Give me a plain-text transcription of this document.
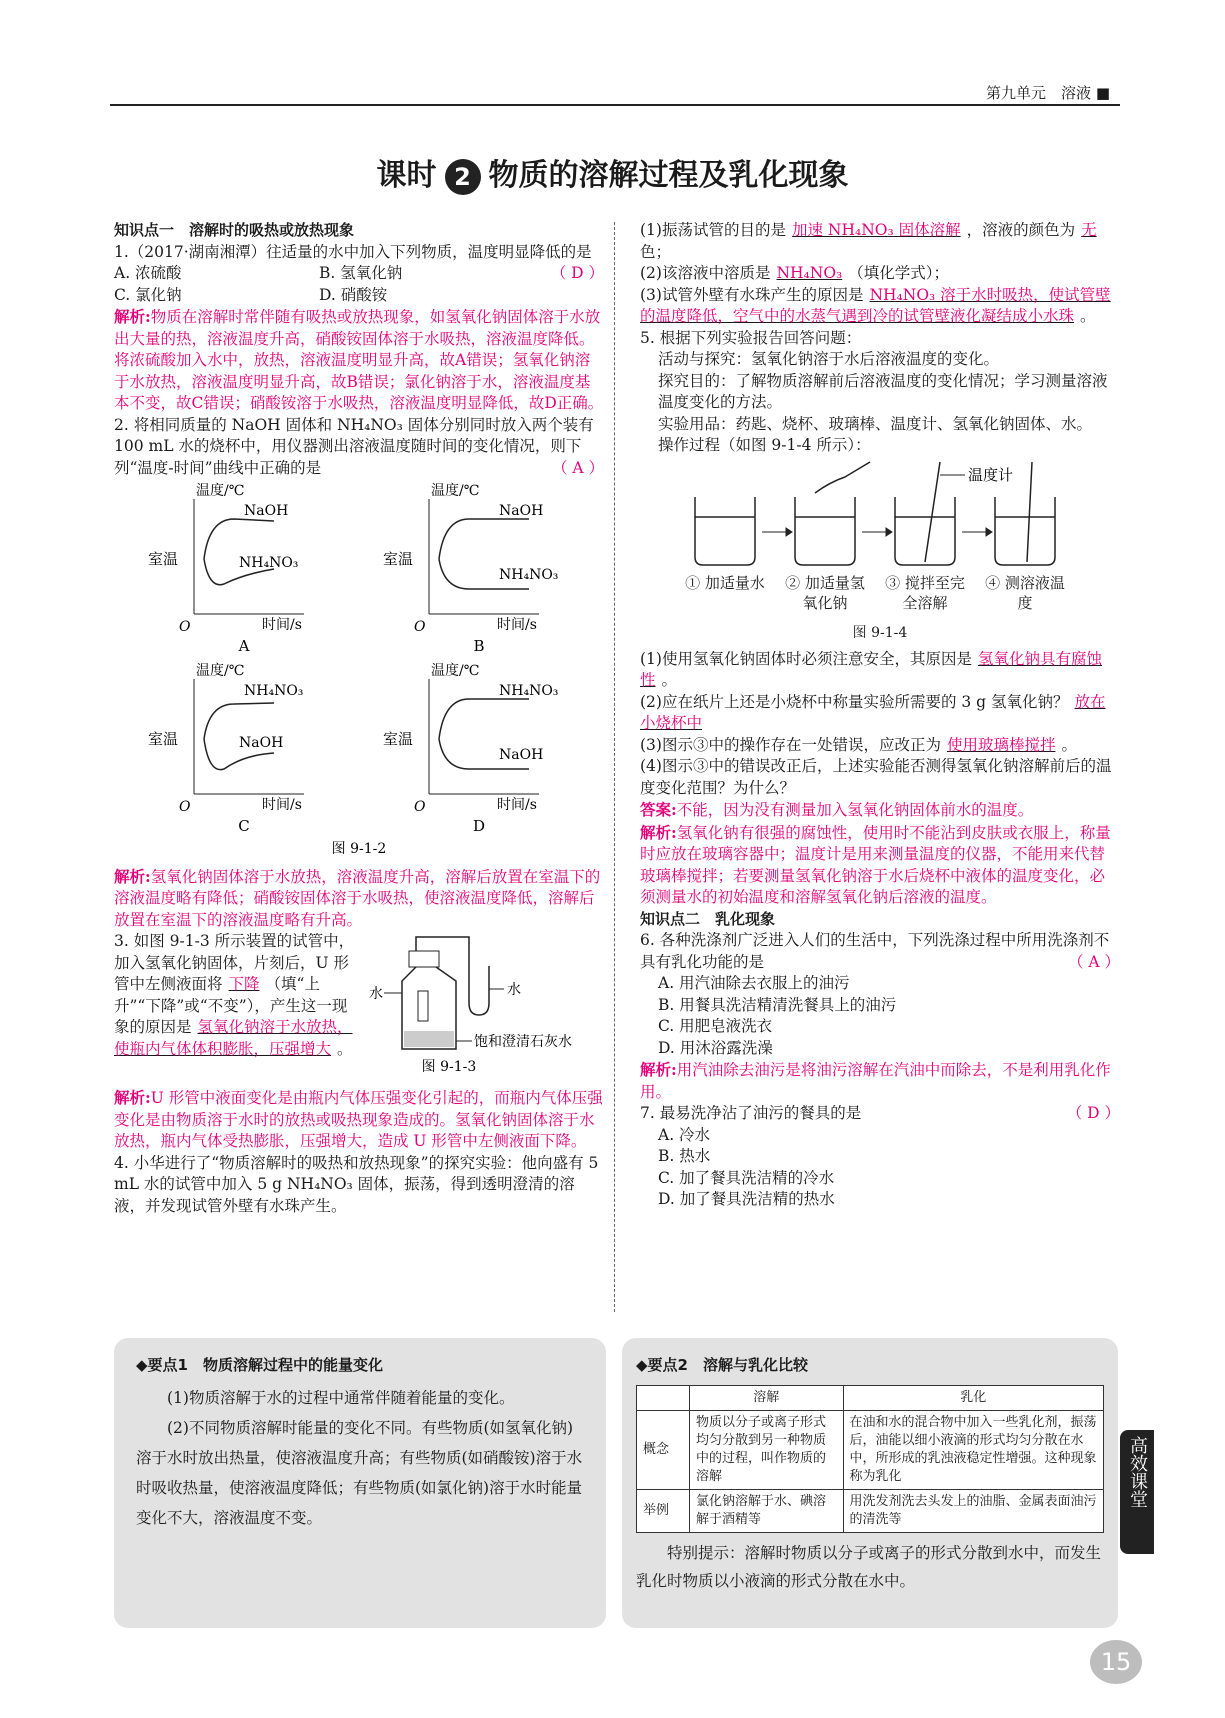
第九单元　溶液 ■
课时 2 物质的溶解过程及乳化现象

知识点一　溶解时的吸热或放热现象

1.（2017·湖南湘潭）往适量的水中加入下列物质，温度明显降低的是
（ D ）

A. 浓硫酸	B. 氢氧化钠
C. 氯化钠	D. 硝酸铵

解析:物质在溶解时常伴随有吸热或放热现象，如氢氧化钠固体溶于水放出大量的热，溶液温度升高，硝酸铵固体溶于水吸热，溶液温度降低。将浓硫酸加入水中，放热，溶液温度明显升高，故A错误；氢氧化钠溶于水放热，溶液温度明显升高，故B错误；氯化钠溶于水，溶液温度基本不变，故C错误；硝酸铵溶于水吸热，溶液温度明显降低，故D正确。

2. 将相同质量的 NaOH 固体和 NH₄NO₃ 固体分别同时放入两个装有 100 mL 水的烧杯中，用仪器测出溶液温度随时间的变化情况，则下列“温度-时间”曲线中正确的是	（ A ）

温度/℃
时间/s
O
室温
NaOH
NH₄NO₃
A
温度/℃
时间/s
O
室温
NaOH
NH₄NO₃
B
温度/℃
时间/s
O
室温
NH₄NO₃
NaOH
C
温度/℃
时间/s
O
室温
NH₄NO₃
NaOH
D
图 9-1-2

解析:氢氧化钠固体溶于水放热，溶液温度升高，溶解后放置在室温下的溶液温度略有降低；硝酸铵固体溶于水吸热，使溶液温度降低，溶解后放置在室温下的溶液温度略有升高。

3. 如图 9-1-3 所示装置的试管中，加入氢氧化钠固体，片刻后，U 形管中左侧液面将 下降 （填“上升”“下降”或“不变”），产生这一现象的原因是 氢氧化钠溶于水放热，使瓶内气体体积膨胀，压强增大 。

水	水
饱和澄清石灰水
图 9-1-3

解析:U 形管中液面变化是由瓶内气体压强变化引起的，而瓶内气体压强变化是由物质溶于水时的放热或吸热现象造成的。氢氧化钠固体溶于水放热，瓶内气体受热膨胀，压强增大，造成 U 形管中左侧液面下降。

4. 小华进行了“物质溶解时的吸热和放热现象”的探究实验：他向盛有 5 mL 水的试管中加入 5 g NH₄NO₃ 固体，振荡，得到透明澄清的溶液，并发现试管外壁有水珠产生。

(1)振荡试管的目的是 加速 NH₄NO₃ 固体溶解 ，溶液的颜色为 无色；

(2)该溶液中溶质是 NH₄NO₃ （填化学式）；

(3)试管外壁有水珠产生的原因是 NH₄NO₃ 溶于水时吸热，使试管壁的温度降低，空气中的水蒸气遇到冷的试管壁液化凝结成小水珠 。

5. 根据下列实验报告回答问题：

活动与探究：氢氧化钠溶于水后溶液温度的变化。

探究目的：了解物质溶解前后溶液温度的变化情况；学习测量溶液温度变化的方法。

实验用品：药匙、烧杯、玻璃棒、温度计、氢氧化钠固体、水。

操作过程（如图 9-1-4 所示）：

温度计
① 加适量水	② 加适量氢氧化钠
③ 搅拌至完全溶解
④ 测溶液温度
图 9-1-4

(1)使用氢氧化钠固体时必须注意安全，其原因是 氢氧化钠具有腐蚀性 。

(2)应在纸片上还是小烧杯中称量实验所需要的 3 g 氢氧化钠？ 放在小烧杯中

(3)图示③中的操作存在一处错误，应改正为 使用玻璃棒搅拌 。

(4)图示③中的错误改正后，上述实验能否测得氢氧化钠溶解前后的温度变化范围？为什么？

答案:不能，因为没有测量加入氢氧化钠固体前水的温度。

解析:氢氧化钠有很强的腐蚀性，使用时不能沾到皮肤或衣服上，称量时应放在玻璃容器中；温度计是用来测量温度的仪器，不能用来代替玻璃棒搅拌；若要测量氢氧化钠溶于水后烧杯中液体的温度变化，必须测量水的初始温度和溶解氢氧化钠后溶液的温度。

知识点二　乳化现象

6. 各种洗涤剂广泛进入人们的生活中，下列洗涤过程中所用洗涤剂不具有乳化功能的是	（ A ）

A. 用汽油除去衣服上的油污

B. 用餐具洗洁精清洗餐具上的油污

C. 用肥皂液洗衣

D. 用沐浴露洗澡

解析:用汽油除去油污是将油污溶解在汽油中而除去，不是利用乳化作用。

7. 最易洗净沾了油污的餐具的是	（ D ）

A. 冷水

B. 热水

C. 加了餐具洗洁精的冷水

D. 加了餐具洗洁精的热水

◆要点1　物质溶解过程中的能量变化

(1)物质溶解于水的过程中通常伴随着能量的变化。

(2)不同物质溶解时能量的变化不同。有些物质(如氢氧化钠)溶于水时放出热量，使溶液温度升高；有些物质(如硝酸铵)溶于水时吸收热量，使溶液温度降低；有些物质(如氯化钠)溶于水时能量变化不大，溶液温度不变。

◆要点2　溶解与乳化比较
	溶解	乳化
概念	物质以分子或离子形式均匀分散到另一种物质中的过程，叫作物质的溶解	在油和水的混合物中加入一些乳化剂，振荡后，油能以细小液滴的形式均匀分散在水中，所形成的乳浊液稳定性增强。这种现象称为乳化
举例	氯化钠溶解于水、碘溶解于酒精等	用洗发剂洗去头发上的油脂、金属表面油污的清洗等

特别提示：溶解时物质以分子或离子的形式分散到水中，而发生乳化时物质以小液滴的形式分散在水中。

高效课堂
15
